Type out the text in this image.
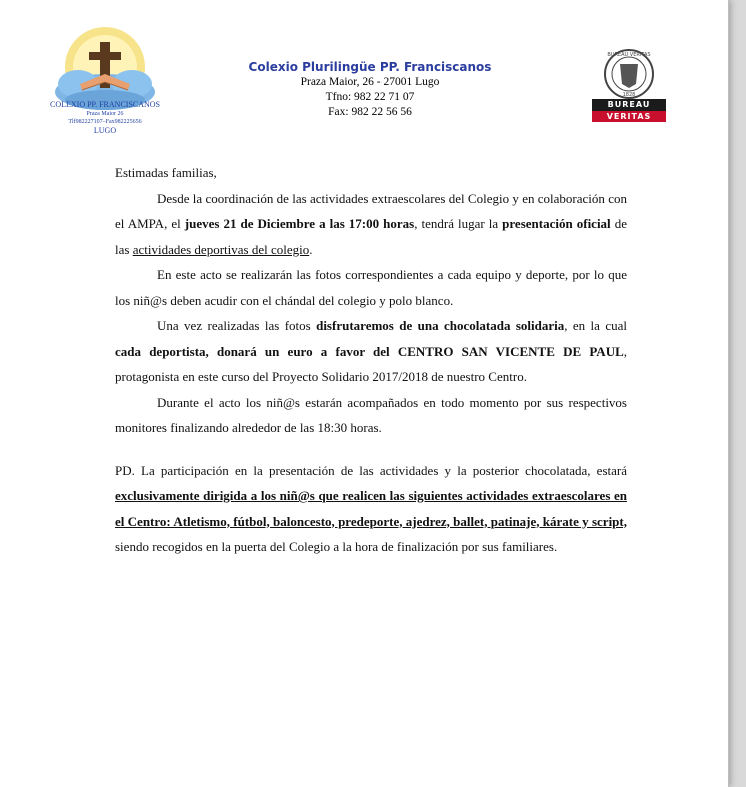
COLEXIO PP. FRANCISCANOS
Praza Maior 26
Tlf982227107–Fax982225656
LUGO
Colexio Plurilingüe PP. Franciscanos
Praza Maior, 26 - 27001 Lugo
Tfno: 982 22 71 07
Fax: 982 22 56 56
BUREAU VERITAS
1828
BUREAU
VERITAS

Estimadas familias,

Desde la coordinación de las actividades extraescolares del Colegio y en colaboración con el AMPA, el jueves 21 de Diciembre a las 17:00 horas, tendrá lugar la presentación oficial de las actividades deportivas del colegio.

En este acto se realizarán las fotos correspondientes a cada equipo y deporte, por lo que los niñ@s deben acudir con el chándal del colegio y polo blanco.

Una vez realizadas las fotos disfrutaremos de una chocolatada solidaria, en la cual cada deportista, donará un euro a favor del CENTRO SAN VICENTE DE PAUL, protagonista en este curso del Proyecto Solidario 2017/2018 de nuestro Centro.

Durante el acto los niñ@s estarán acompañados en todo momento por sus respectivos monitores finalizando alrededor de las 18:30 horas.

PD. La participación en la presentación de las actividades y la posterior chocolatada, estará exclusivamente dirigida a los niñ@s que realicen las siguientes actividades extraescolares en el Centro: Atletismo, fútbol, baloncesto, predeporte, ajedrez, ballet, patinaje, kárate y script, siendo recogidos en la puerta del Colegio a la hora de finalización por sus familiares.
